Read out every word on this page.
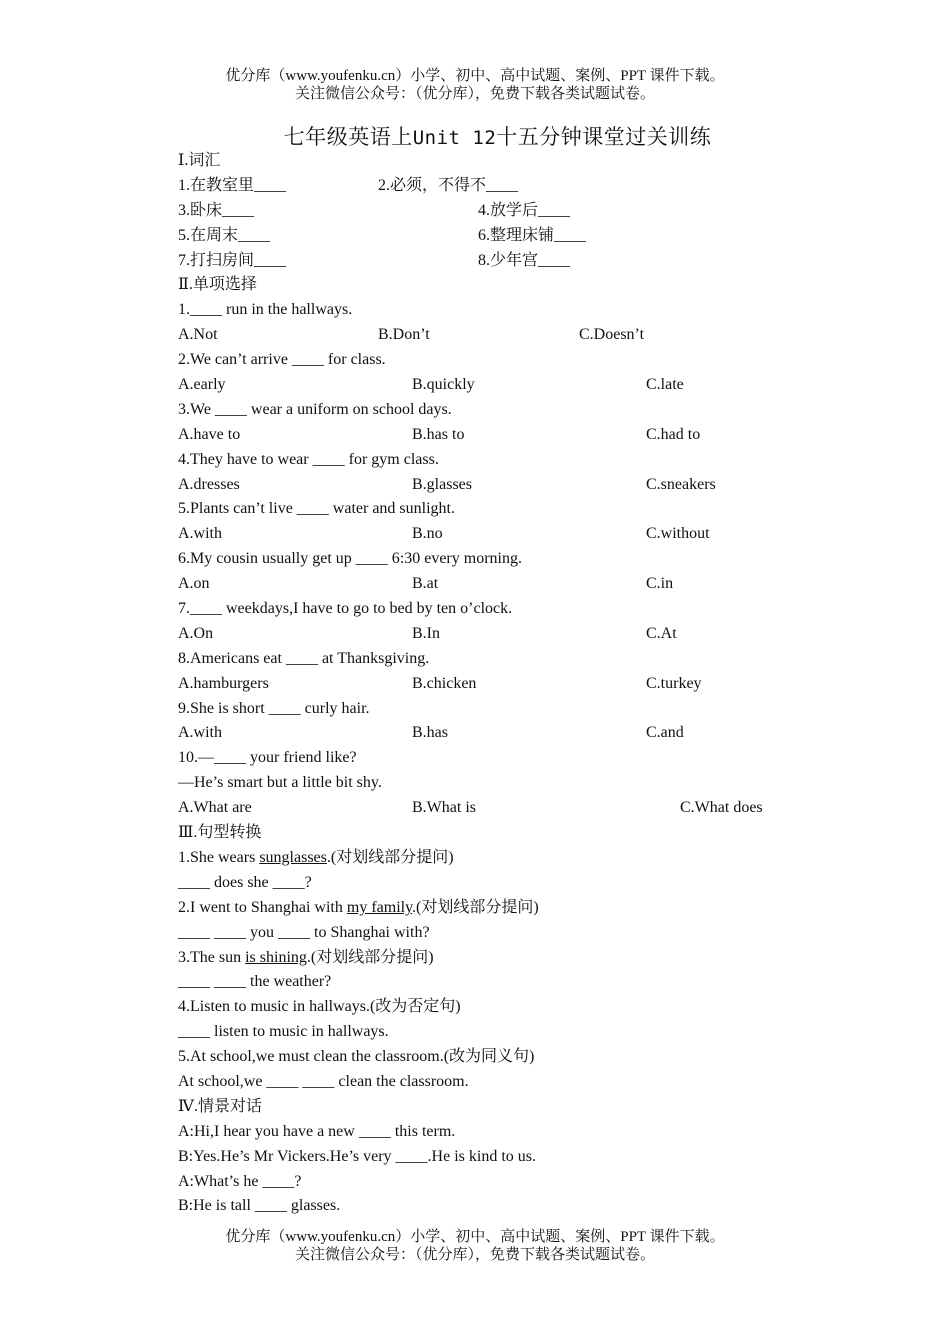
优分库（www.youfenku.cn）小学、初中、高中试题、案例、PPT 课件下载。
关注微信公众号：（优分库），免费下载各类试题试卷。
七年级英语上Unit 12十五分钟课堂过关训练
Ⅰ.词汇
1.在教室里____	2.必须，不得不____
3.卧床____	4.放学后____
5.在周末____	6.整理床铺____
7.打扫房间____	8.少年宫____
Ⅱ.单项选择
1.____ run in the hallways.
A.Not	B.Don’t	C.Doesn’t
2.We can’t arrive ____ for class.
A.early	B.quickly	C.late
3.We ____ wear a uniform on school days.
A.have to	B.has to	C.had to
4.They have to wear ____ for gym class.
A.dresses	B.glasses	C.sneakers
5.Plants can’t live ____ water and sunlight.
A.with	B.no	C.without
6.My cousin usually get up ____ 6:30 every morning.
A.on	B.at	C.in
7.____ weekdays,I have to go to bed by ten o’clock.
A.On	B.In	C.At
8.Americans eat ____ at Thanksgiving.
A.hamburgers	B.chicken	C.turkey
9.She is short ____ curly hair.
A.with	B.has	C.and
10.—____ your friend like?
—He’s smart but a little bit shy.
A.What are	B.What is	C.What does
Ⅲ.句型转换
1.She wears sunglasses.(对划线部分提问)
____ does she ____?
2.I went to Shanghai with my family.(对划线部分提问)
____ ____ you ____ to Shanghai with?
3.The sun is shining.(对划线部分提问)
____ ____ the weather?
4.Listen to music in hallways.(改为否定句)
____ listen to music in hallways.
5.At school,we must clean the classroom.(改为同义句)
At school,we ____ ____ clean the classroom.
Ⅳ.情景对话
A:Hi,I hear you have a new ____ this term.
B:Yes.He’s Mr Vickers.He’s very ____.He is kind to us.
A:What’s he ____?
B:He is tall ____ glasses.
优分库（www.youfenku.cn）小学、初中、高中试题、案例、PPT 课件下载。
关注微信公众号：（优分库），免费下载各类试题试卷。
